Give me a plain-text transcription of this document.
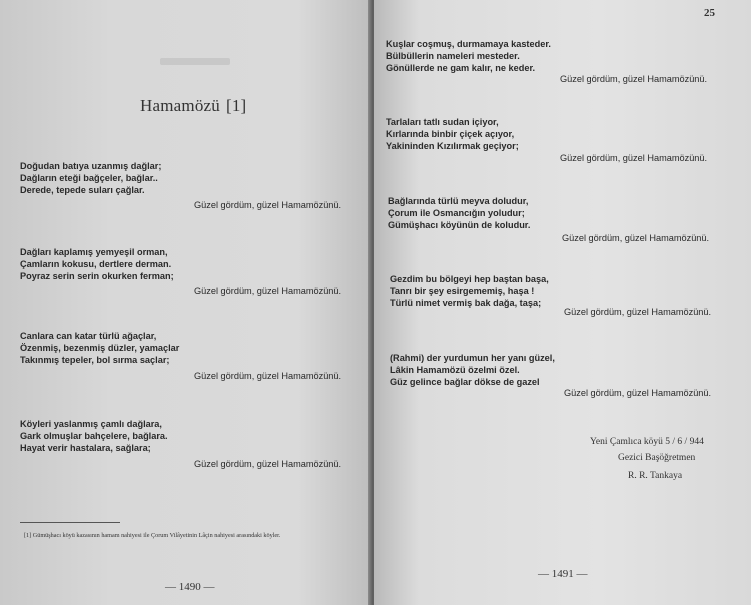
Hamamözü [1]
Doğudan batıya uzanmış dağlar;
Dağların eteği bağçeler, bağlar..
Derede, tepede suları çağlar.
Güzel gördüm, güzel Hamamözünü.
Dağları kaplamış yemyeşil orman,
Çamların kokusu, dertlere derman.
Poyraz serin serin okurken ferman;
Güzel gördüm, güzel Hamamözünü.
Canlara can katar türlü ağaçlar,
Özenmiş, bezenmiş düzler, yamaçlar
Takınmış tepeler, bol sırma saçlar;
Güzel gördüm, güzel Hamamözünü.
Köyleri yaslanmış çamlı dağlara,
Gark olmuşlar bahçelere, bağlara.
Hayat verir hastalara, sağlara;
Güzel gördüm, güzel Hamamözünü.
[1] Gümüşhacı köyü kazasının hamam nahiyesi ile Çorum Vilâyetinin Lâçin nahiyesi arasındaki köyler.
— 1490 —
25
Kuşlar coşmuş, durmamaya kasteder.
Bülbüllerin nameleri mesteder.
Gönüllerde ne gam kalır, ne keder.
Güzel gördüm, güzel Hamamözünü.
Tarlaları tatlı sudan içiyor,
Kırlarında binbir çiçek açıyor,
Yakininden Kızılırmak geçiyor;
Güzel gördüm, güzel Hamamözünü.
Bağlarında türlü meyva doludur,
Çorum ile Osmancığın yoludur;
Gümüşhacı köyünün de koludur.
Güzel gördüm, güzel Hamamözünü.
Gezdim bu bölgeyi hep baştan başa,
Tanrı bir şey esirgememiş, haşa !
Türlü nimet vermiş bak dağa, taşa;
Güzel gördüm, güzel Hamamözünü.
(Rahmi) der yurdumun her yanı güzel,
Lâkin Hamamözü özelmi özel.
Güz gelince bağlar dökse de gazel
Güzel gördüm, güzel Hamamözünü.
Yeni Çamlıca köyü 5 / 6 / 944
Gezici Başöğretmen
R. R. Tankaya
— 1491 —
